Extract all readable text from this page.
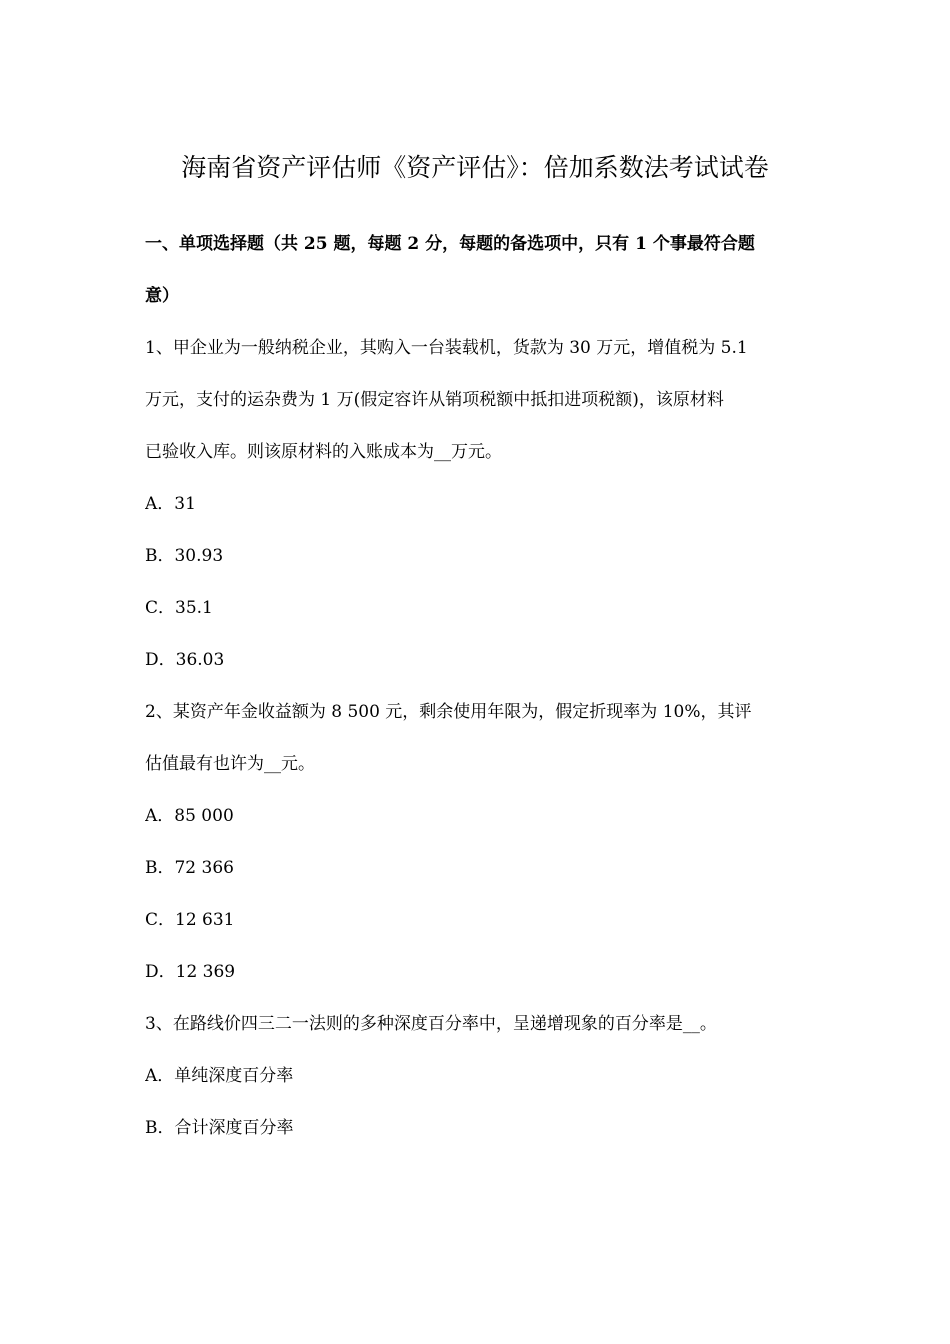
海南省资产评估师《资产评估》：倍加系数法考试试卷
一、单项选择题（共 25 题，每题 2 分，每题的备选项中，只有 1 个事最符合题
意）
1、甲企业为一般纳税企业，其购入一台装载机，货款为 30 万元，增值税为 5.1
万元，支付的运杂费为 1 万(假定容许从销项税额中抵扣进项税额)，该原材料
已验收入库。则该原材料的入账成本为__万元。
A．31
B．30.93
C．35.1
D．36.03
2、某资产年金收益额为 8 500 元，剩余使用年限为，假定折现率为 10%，其评
估值最有也许为__元。
A．85 000
B．72 366
C．12 631
D．12 369
3、在路线价四三二一法则的多种深度百分率中，呈递增现象的百分率是__。
A．单纯深度百分率
B．合计深度百分率
